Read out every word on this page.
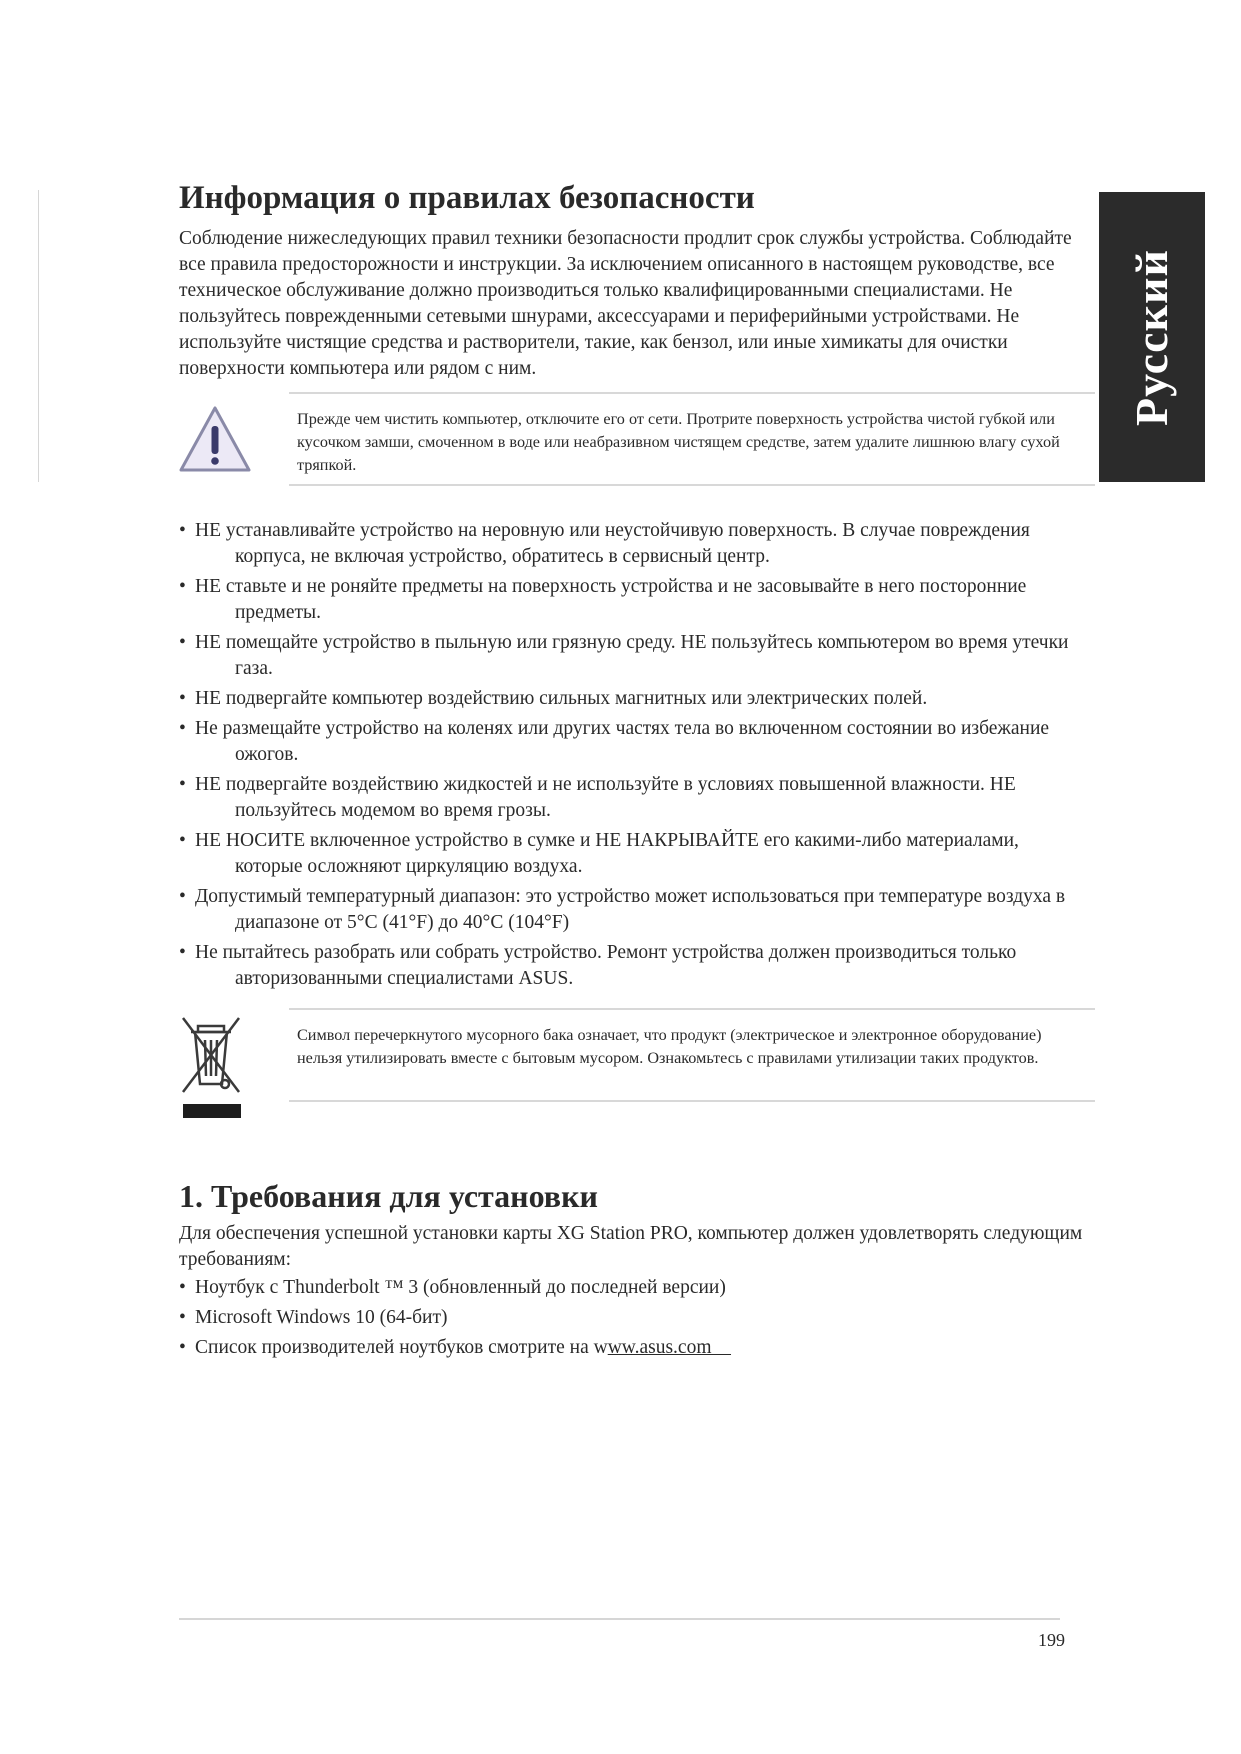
Русский
Информация о правилах безопасности

Соблюдение нижеследующих правил техники безопасности продлит срок службы устройства. Соблюдайте все правила предосторожности и инструкции. За исключением описанного в настоящем руководстве, все техническое обслуживание должно производиться только квалифицированными специалистами. Не пользуйтесь поврежденными сетевыми шнурами, аксессуарами и периферийными устройствами. Не используйте чистящие средства и растворители, такие, как бензол, или иные химикаты для очистки поверхности компьютера или рядом с ним.

Прежде чем чистить компьютер, отключите его от сети. Протрите поверхность устройства чистой губкой или кусочком замши, смоченном в воде или неабразивном чистящем средстве, затем удалите лишнюю влагу сухой тряпкой.
• НЕ устанавливайте устройство на неровную или неустойчивую поверхность. В случае повреждения корпуса, не включая устройство, обратитесь в сервисный центр.
• НЕ ставьте и не роняйте предметы на поверхность устройства и не засовывайте в него посторонние предметы.
• НЕ помещайте устройство в пыльную или грязную среду. НЕ пользуйтесь компьютером во время утечки газа.
• НЕ подвергайте компьютер воздействию сильных магнитных или электрических полей.
• Не размещайте устройство на коленях или других частях тела во включенном состоянии во избежание ожогов.
• НЕ подвергайте воздействию жидкостей и не используйте в условиях повышенной влажности. НЕ пользуйтесь модемом во время грозы.
• НЕ НОСИТЕ включенное устройство в сумке и НЕ НАКРЫВАЙТЕ его какими-либо материалами, которые осложняют циркуляцию воздуха.
• Допустимый температурный диапазон: это устройство может использоваться при температуре воздуха в диапазоне от 5°C (41°F) до 40°C (104°F)
• Не пытайтесь разобрать или собрать устройство. Ремонт устройства должен производиться только авторизованными специалистами ASUS.
Символ перечеркнутого мусорного бака означает, что продукт (электрическое и электронное оборудование) нельзя утилизировать вместе с бытовым мусором. Ознакомьтесь с правилами утилизации таких продуктов.
1. Требования для установки

Для обеспечения успешной установки карты XG Station PRO, компьютер должен удовлетворять следующим требованиям:

• Ноутбук с Thunderbolt ™ 3 (обновленный до последней версии)
• Microsoft Windows 10 (64-бит)
• Список производителей ноутбуков смотрите на www.asus.com
199
